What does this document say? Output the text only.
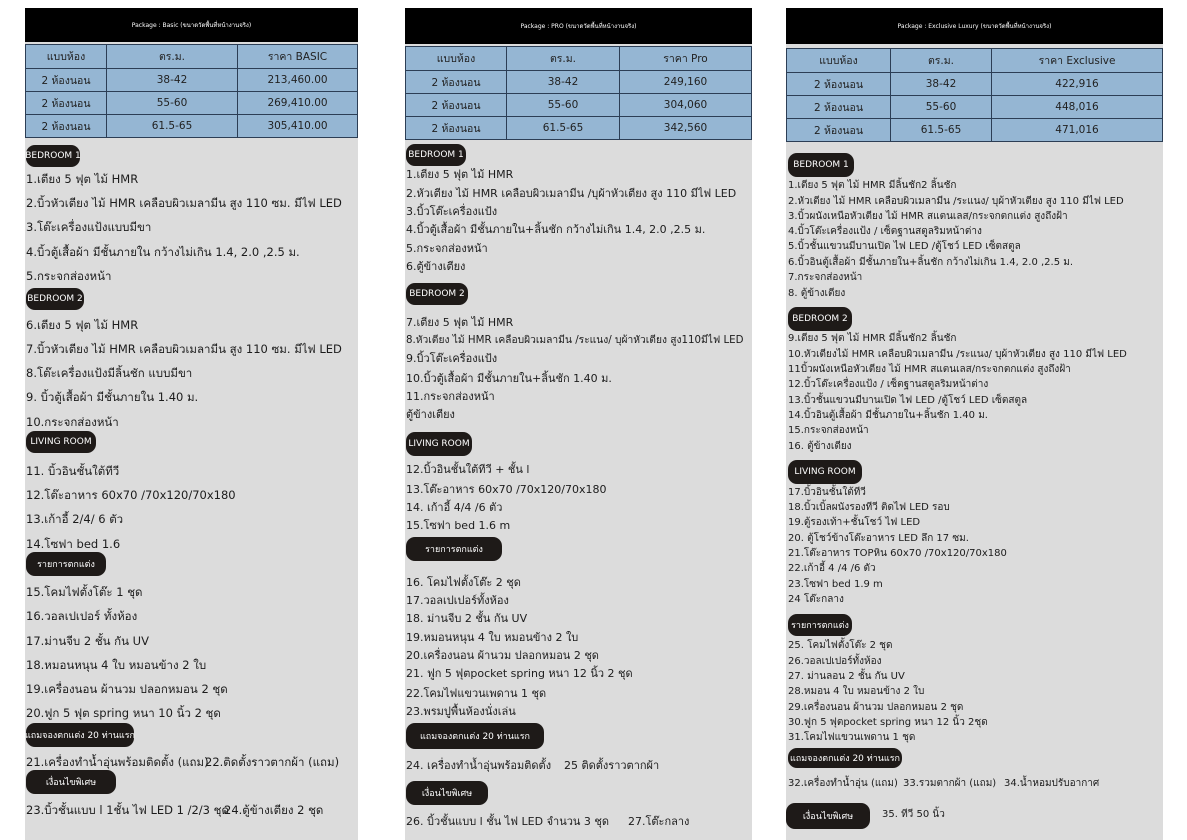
Package : Basic (ขนาดวัดพื้นที่หน้างานจริง)
แบบห้อง	ตร.ม.	ราคา BASIC
2 ห้องนอน	38-42	213,460.00
2 ห้องนอน	55-60	269,410.00
2 ห้องนอน	61.5-65	305,410.00
BEDROOM 1
1.เตียง 5 ฟุต ไม้ HMR
2.บิ้วหัวเตียง ไม้ HMR เคลือบผิวเมลามีน สูง 110 ซม. มีไฟ LED
3.โต๊ะเครื่องแป้งแบบมีขา
4.บิ้วตู้เสื้อผ้า มีชั้นภายใน กว้างไม่เกิน 1.4, 2.0 ,2.5 ม.
5.กระจกส่องหน้า
BEDROOM 2
6.เตียง 5 ฟุต ไม้ HMR
7.บิ้วหัวเตียง ไม้ HMR เคลือบผิวเมลามีน สูง 110 ซม. มีไฟ LED
8.โต๊ะเครื่องแป้งมีลิ้นชัก แบบมีขา
9. บิ้วตู้เสื้อผ้า มีชั้นภายใน 1.40 ม.
10.กระจกส่องหน้า
LIVING ROOM
11. บิ้วอินชั้นใต้ทีวี
12.โต๊ะอาหาร 60x70 /70x120/70x180
13.เก้าอี้ 2/4/ 6 ตัว
14.โซฟา bed 1.6
รายการตกแต่ง
15.โคมไฟตั้งโต๊ะ 1 ชุด
16.วอลเปเปอร์ ทั้งห้อง
17.ม่านจีบ 2 ชั้น กัน UV
18.หมอนหนุน 4 ใบ หมอนข้าง 2 ใบ
19.เครื่องนอน ผ้านวม ปลอกหมอน 2 ชุด
20.ฟูก 5 ฟุต spring หนา 10 นิ้ว 2 ชุด
แถมจองตกแต่ง 20 ท่านแรก
21.เครื่องทำน้ำอุ่นพร้อมติดตั้ง (แถม)
22.ติดตั้งราวตากผ้า (แถม)
เงื่อนไขพิเศษ
23.บิ้วชั้นแบบ l 1ชั้น ไฟ LED 1 /2/3 ชุด
24.ตู้ข้างเตียง 2 ชุด
Package : PRO (ขนาดวัดพื้นที่หน้างานจริง)
แบบห้อง	ตร.ม.	ราคา Pro
2 ห้องนอน	38-42	249,160
2 ห้องนอน	55-60	304,060
2 ห้องนอน	61.5-65	342,560
BEDROOM 1
1.เตียง 5 ฟุต ไม้ HMR
2.หัวเตียง ไม้ HMR เคลือบผิวเมลามีน /บุผ้าหัวเตียง สูง 110 มีไฟ LED
3.บิ้วโต๊ะเครื่องแป้ง
4.บิ้วตู้เสื้อผ้า มีชั้นภายใน+ลิ้นชัก กว้างไม่เกิน 1.4, 2.0 ,2.5 ม.
5.กระจกส่องหน้า
6.ตู้ข้างเตียง
BEDROOM 2
7.เตียง 5 ฟุต ไม้ HMR
8.หัวเตียง ไม้ HMR เคลือบผิวเมลามีน /ระแนง/ บุผ้าหัวเตียง สูง110มีไฟ LED
9.บิ้วโต๊ะเครื่องแป้ง
10.บิ้วตู้เสื้อผ้า มีชั้นภายใน+ลิ้นชัก 1.40 ม.
11.กระจกส่องหน้า
ตู้ข้างเตียง
LIVING ROOM
12.บิ้วอินชั้นใต้ทีวี + ชั้น l
13.โต๊ะอาหาร 60x70 /70x120/70x180
14. เก้าอี้ 4/4 /6 ตัว
15.โซฟา bed 1.6 m
รายการตกแต่ง
16. โคมไฟตั้งโต๊ะ 2 ชุด
17.วอลเปเปอร์ทั้งห้อง
18. ม่านจีบ 2 ชั้น กัน UV
19.หมอนหนุน 4 ใบ หมอนข้าง 2 ใบ
20.เครื่องนอน ผ้านวม ปลอกหมอน 2 ชุด
21. ฟูก 5 ฟุตpocket spring หนา 12 นิ้ว 2 ชุด
22.โคมไฟแขวนเพดาน 1 ชุด
23.พรมปูพื้นห้องนั่งเล่น
แถมจองตกแต่ง 20 ท่านแรก
24. เครื่องทำน้ำอุ่นพร้อมติดตั้ง 25 ติดตั้งราวตากผ้า
เงื่อนไขพิเศษ
26. บิ้วชั้นแบบ l ชั้น ไฟ LED จำนวน 3 ชุด 27.โต๊ะกลาง
Package : Exclusive Luxury (ขนาดวัดพื้นที่หน้างานจริง)
แบบห้อง	ตร.ม.	ราคา Exclusive
2 ห้องนอน	38-42	422,916
2 ห้องนอน	55-60	448,016
2 ห้องนอน	61.5-65	471,016
BEDROOM 1
1.เตียง 5 ฟุต ไม้ HMR มีลิ้นชัก2 ลิ้นชัก
2.หัวเตียง ไม้ HMR เคลือบผิวเมลามีน /ระแนง/ บุผ้าหัวเตียง สูง 110 มีไฟ LED
3.บิ้วผนังเหนือหัวเตียง ไม้ HMR สแตนเลส/กระจกตกแต่ง สูงถึงฝ้า
4.บิ้วโต๊ะเครื่องแป้ง / เซ็ตฐานสตูลริมหน้าต่าง
5.บิ้วชั้นแขวนมีบานเปิด ไฟ LED /ตู้โชว์ LED เซ็ตสตูล
6.บิ้วอินตู้เสื้อผ้า มีชั้นภายใน+ลิ้นชัก กว้างไม่เกิน 1.4, 2.0 ,2.5 ม.
7.กระจกส่องหน้า
8. ตู้ข้างเตียง
BEDROOM 2
9.เตียง 5 ฟุต ไม้ HMR มีลิ้นชัก2 ลิ้นชัก
10.หัวเตียงไม้ HMR เคลือบผิวเมลามีน /ระแนง/ บุผ้าหัวเตียง สูง 110 มีไฟ LED
11บิ้วผนังเหนือหัวเตียง ไม้ HMR สแตนเลส/กระจกตกแต่ง สูงถึงฝ้า
12.บิ้วโต๊ะเครื่องแป้ง / เซ็ตฐานสตูลริมหน้าต่าง
13.บิ้วชั้นแขวนมีบานเปิด ไฟ LED /ตู้โชว์ LED เซ็ตสตูล
14.บิ้วอินตู้เสื้อผ้า มีชั้นภายใน+ลิ้นชัก 1.40 ม.
15.กระจกส่องหน้า
16. ตู้ข้างเตียง
LIVING ROOM
17.บิ้วอินชั้นใต้ทีวี
18.บิ้วเบิ้ลผนังรองทีวี ติดไฟ LED รอบ
19.ตู้รองเท้า+ชั้นโชว์ ไฟ LED
20. ตู้โชว์ข้างโต๊ะอาหาร LED ลึก 17 ซม.
21.โต๊ะอาหาร TOPหิน 60x70 /70x120/70x180
22.เก้าอี้ 4 /4 /6 ตัว
23.โซฟา bed 1.9 m
24 โต๊ะกลาง
รายการตกแต่ง
25. โคมไฟตั้งโต๊ะ 2 ชุด
26.วอลเปเปอร์ทั้งห้อง
27. ม่านลอน 2 ชั้น กัน UV
28.หมอน 4 ใบ หมอนข้าง 2 ใบ
29.เครื่องนอน ผ้านวม ปลอกหมอน 2 ชุด
30.ฟูก 5 ฟุตpocket spring หนา 12 นิ้ว 2ชุด
31.โคมไฟแขวนเพดาน 1 ชุด
แถมจองตกแต่ง 20 ท่านแรก
32.เครื่องทำน้ำอุ่น (แถม) 33.รวมตากผ้า (แถม) 34.น้ำหอมปรับอากาศ
เงื่อนไขพิเศษ	35. ทีวี 50 นิ้ว
